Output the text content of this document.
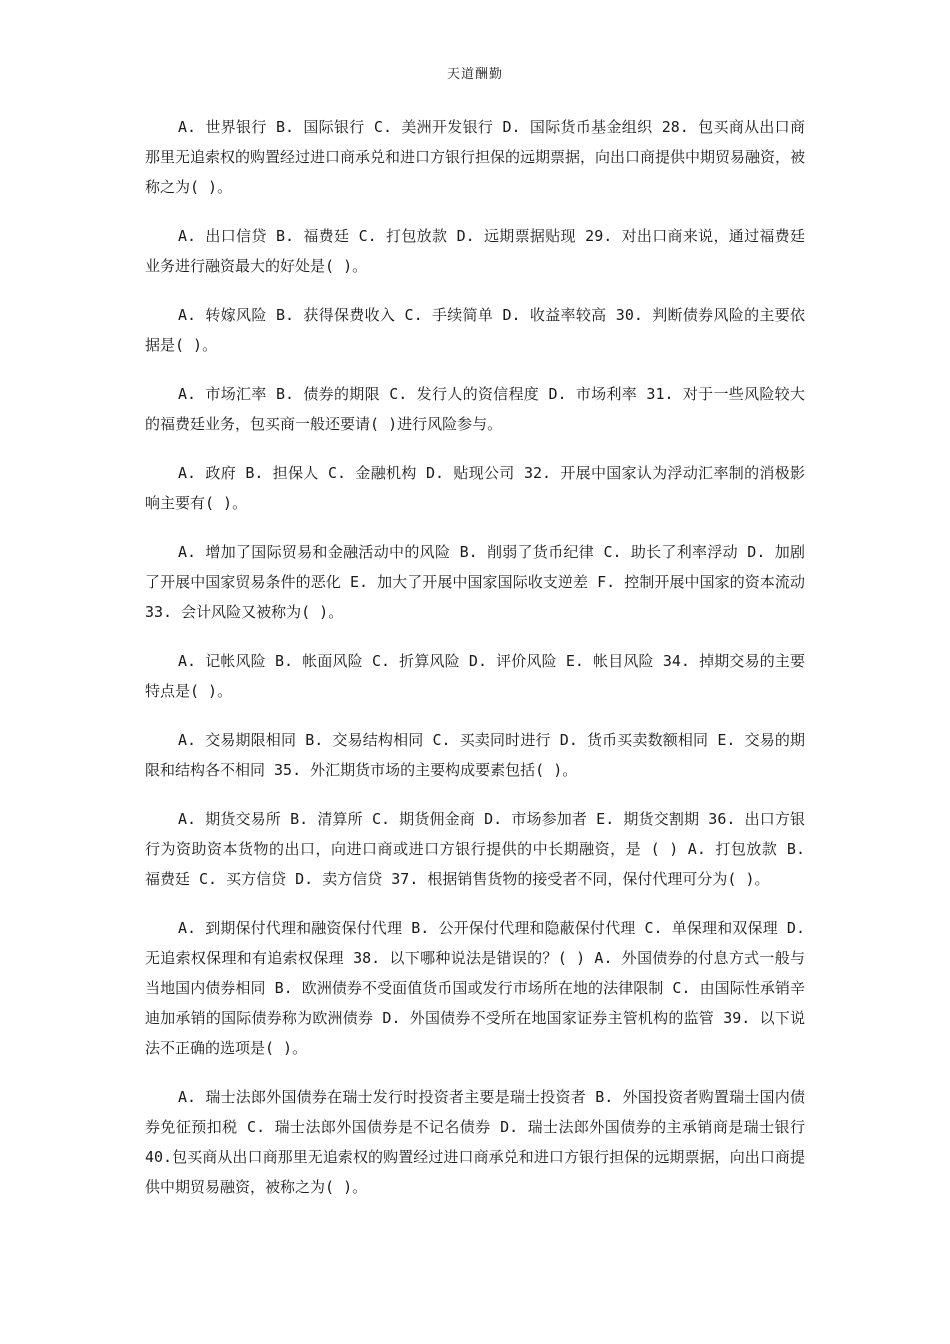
天道酬勤

A. 世界银行 B. 国际银行 C. 美洲开发银行 D. 国际货币基金组织 28. 包买商从出口商那里无追索权的购置经过进口商承兑和进口方银行担保的远期票据，向出口商提供中期贸易融资，被称之为( )。

A. 出口信贷 B. 福费廷 C. 打包放款 D. 远期票据贴现 29. 对出口商来说，通过福费廷业务进行融资最大的好处是( )。

A. 转嫁风险 B. 获得保费收入 C. 手续简单 D. 收益率较高 30. 判断债券风险的主要依据是( )。

A. 市场汇率 B. 债券的期限 C. 发行人的资信程度 D. 市场利率 31. 对于一些风险较大的福费廷业务，包买商一般还要请( )进行风险参与。

A. 政府 B. 担保人 C. 金融机构 D. 贴现公司 32. 开展中国家认为浮动汇率制的消极影响主要有( )。

A. 增加了国际贸易和金融活动中的风险 B. 削弱了货币纪律 C. 助长了利率浮动 D. 加剧了开展中国家贸易条件的恶化 E. 加大了开展中国家国际收支逆差 F. 控制开展中国家的资本流动 33. 会计风险又被称为( )。

A. 记帐风险 B. 帐面风险 C. 折算风险 D. 评价风险 E. 帐目风险 34. 掉期交易的主要特点是( )。

A. 交易期限相同 B. 交易结构相同 C. 买卖同时进行 D. 货币买卖数额相同 E. 交易的期限和结构各不相同 35. 外汇期货市场的主要构成要素包括( )。

A. 期货交易所 B. 清算所 C. 期货佣金商 D. 市场参加者 E. 期货交割期 36. 出口方银行为资助资本货物的出口，向进口商或进口方银行提供的中长期融资，是 ( ) A. 打包放款 B. 福费廷 C. 买方信贷 D. 卖方信贷 37. 根据销售货物的接受者不同，保付代理可分为( )。

A. 到期保付代理和融资保付代理 B. 公开保付代理和隐蔽保付代理 C. 单保理和双保理 D. 无追索权保理和有追索权保理 38. 以下哪种说法是错误的？( ) A. 外国债券的付息方式一般与当地国内债券相同 B. 欧洲债券不受面值货币国或发行市场所在地的法律限制 C. 由国际性承销辛迪加承销的国际债券称为欧洲债券 D. 外国债券不受所在地国家证券主管机构的监管 39. 以下说法不正确的选项是( )。

A. 瑞士法郎外国债券在瑞士发行时投资者主要是瑞士投资者 B. 外国投资者购置瑞士国内债券免征预扣税 C. 瑞士法郎外国债券是不记名债券 D. 瑞士法郎外国债券的主承销商是瑞士银行 40.包买商从出口商那里无追索权的购置经过进口商承兑和进口方银行担保的远期票据，向出口商提供中期贸易融资，被称之为( )。
